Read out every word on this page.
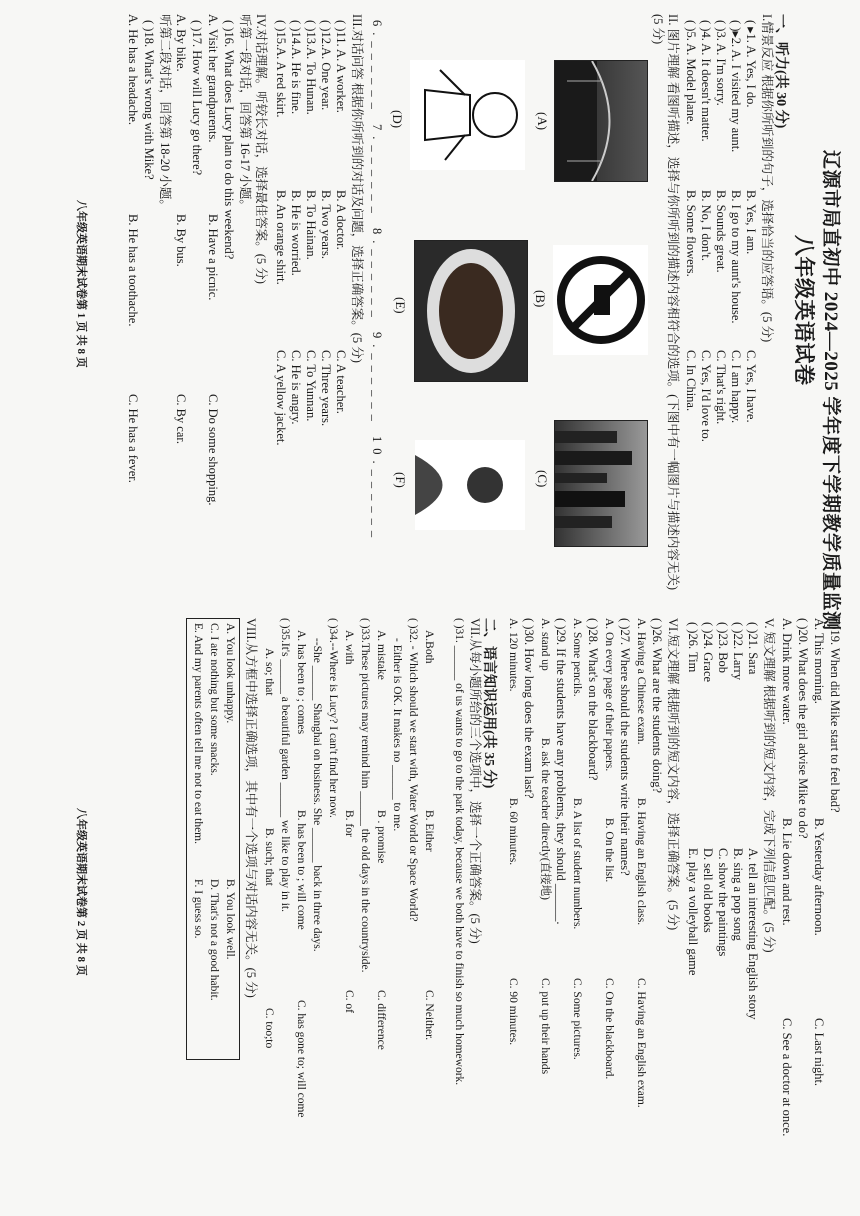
辽源市局直初中 2024—2025 学年度下学期教学质量监测
八年级英语试卷
一、听力(共 30 分)
I.情景反应 根据你所听到的句子，选择恰当的应答语。(5 分)
( ▸1. A. Yes, I do.
B. Yes, I am.
C. Yes, I have.
( )▸2. A. I visited my aunt.
B. I go to my aunt's house.
C. I am happy.
( )3. A. I'm sorry.
B. Sounds great.
C. That's right.
( )4. A. It doesn't matter.
B. No, I don't.
C. Yes, I'd love to.
( )5. A. Model plane.
B. Some flowers.
C. In China.
II. 图片理解 看图听描述，选择与你所听到的描述内容相符合的选项。(下图中有一幅图片与描述内容无关)(5 分)
(A)
(B)
(C)
(D)
(E)
(F)
6.______ 7.______ 8.______ 9.______ 10.______
III.对话问答 根据你所听到的对话及问题，选择正确答案。(5 分)
( )11. A. A worker.
B. A doctor.
C. A teacher.
( )12.A. One year.
B. Two years.
C. Three years.
( )13.A. To Hunan.
B. To Hainan.
C. To Yunnan.
( )14.A. He is fine.
B. He is worried.
C. He is angry.
( )15.A. A red skirt.
B. An orange shirt.
C. A yellow jacket.
IV.对话理解。听较长对话，选择最佳答案。(5 分)
听第一段对话，回答第 16-17 小题。
( )16. What does Lucy plan to do this weekend?
A. Visit her grandparents.
B. Have a picnic.
C. Do some shopping.
( )17. How will Lucy go there?
A. By bike.
B. By bus.
C. By car.
听第二段对话，回答第 18-20 小题。
( )18. What's wrong with Mike?
A. He has a headache.
B. He has a toothache.
C. He has a fever.
八年级英语期末试卷第 1 页 共 8 页
( )19. When did Mike start to feel bad?
A. This morning.
B. Yesterday afternoon.
C. Last night.
( )20. What does the girl advise Mike to do?
A. Drink more water.
B. Lie down and rest.
C. See a doctor at once.
V. 短文理解 根据听到的短文内容，完成下列信息匹配。(5 分)
( )21. Sara
( )22. Larry
( )23. Bob
( )24. Grace
( )26. Tim
A. tell an interesting English story
B. sing a pop song
C. show the paintings
D. sell old books
E. play a volleyball game
VI.短文理解 根据听到的短文内容，选择正确答案。(5 分)
( )26. What are the students doing?
A. Having a Chinese exam.
B. Having an English class.
C. Having an English exam.
( )27. Where should the students write their names?
A. On every page of their papers.
B. On the list.
C. On the blackboard.
( )28. What's on the blackboard?
A. Some pencils.
B. A list of student numbers.
C. Some pictures.
( )29. If the students have any problems, they should ______.
A. stand up
B. ask the teacher directly(直接地)
C. put up their hands
( )30. How long does the exam last?
A. 120 minutes.
B. 60 minutes.
C. 90 minutes.
二、语言知识运用(共 35 分)
VII.从每小题所给的三个选项中，选择一个正确答案。(5 分)
( )31. ______ of us wants to go to the park today, because we both have to finish so much homework.
A.Both
B. Either
C. Neither.
( )32. - Which should we start with, Water World or Space World?
- Either is OK. It makes no ______ to me.
A. mistake
B . promise
C. difference
( )33.These pictures may remind him ______ the old days in the countryside.
A. with
B. for
C. of
( )34.--Where is Lucy? I can't find her now.
--She ______ Shanghai on business. She ______ back in three days.
A. has been to ; comes
B. has been to ; will come
C. has gone to; will come
( )35.It's ______ a beautiful garden ______ we like to play in it.
A. so; that
B. such; that
C. too;to
VIII.从方框中选择正确选项，其中有一个选项与对话内容无关。(5 分)
A. You look unhappy.
B. You look well.
C. I ate nothing but some snacks.
D. That's not a good habit.
E. And my parents often tell me not to eat them.
F. I guess so.
八年级英语期末试卷第 2 页 共 8 页
